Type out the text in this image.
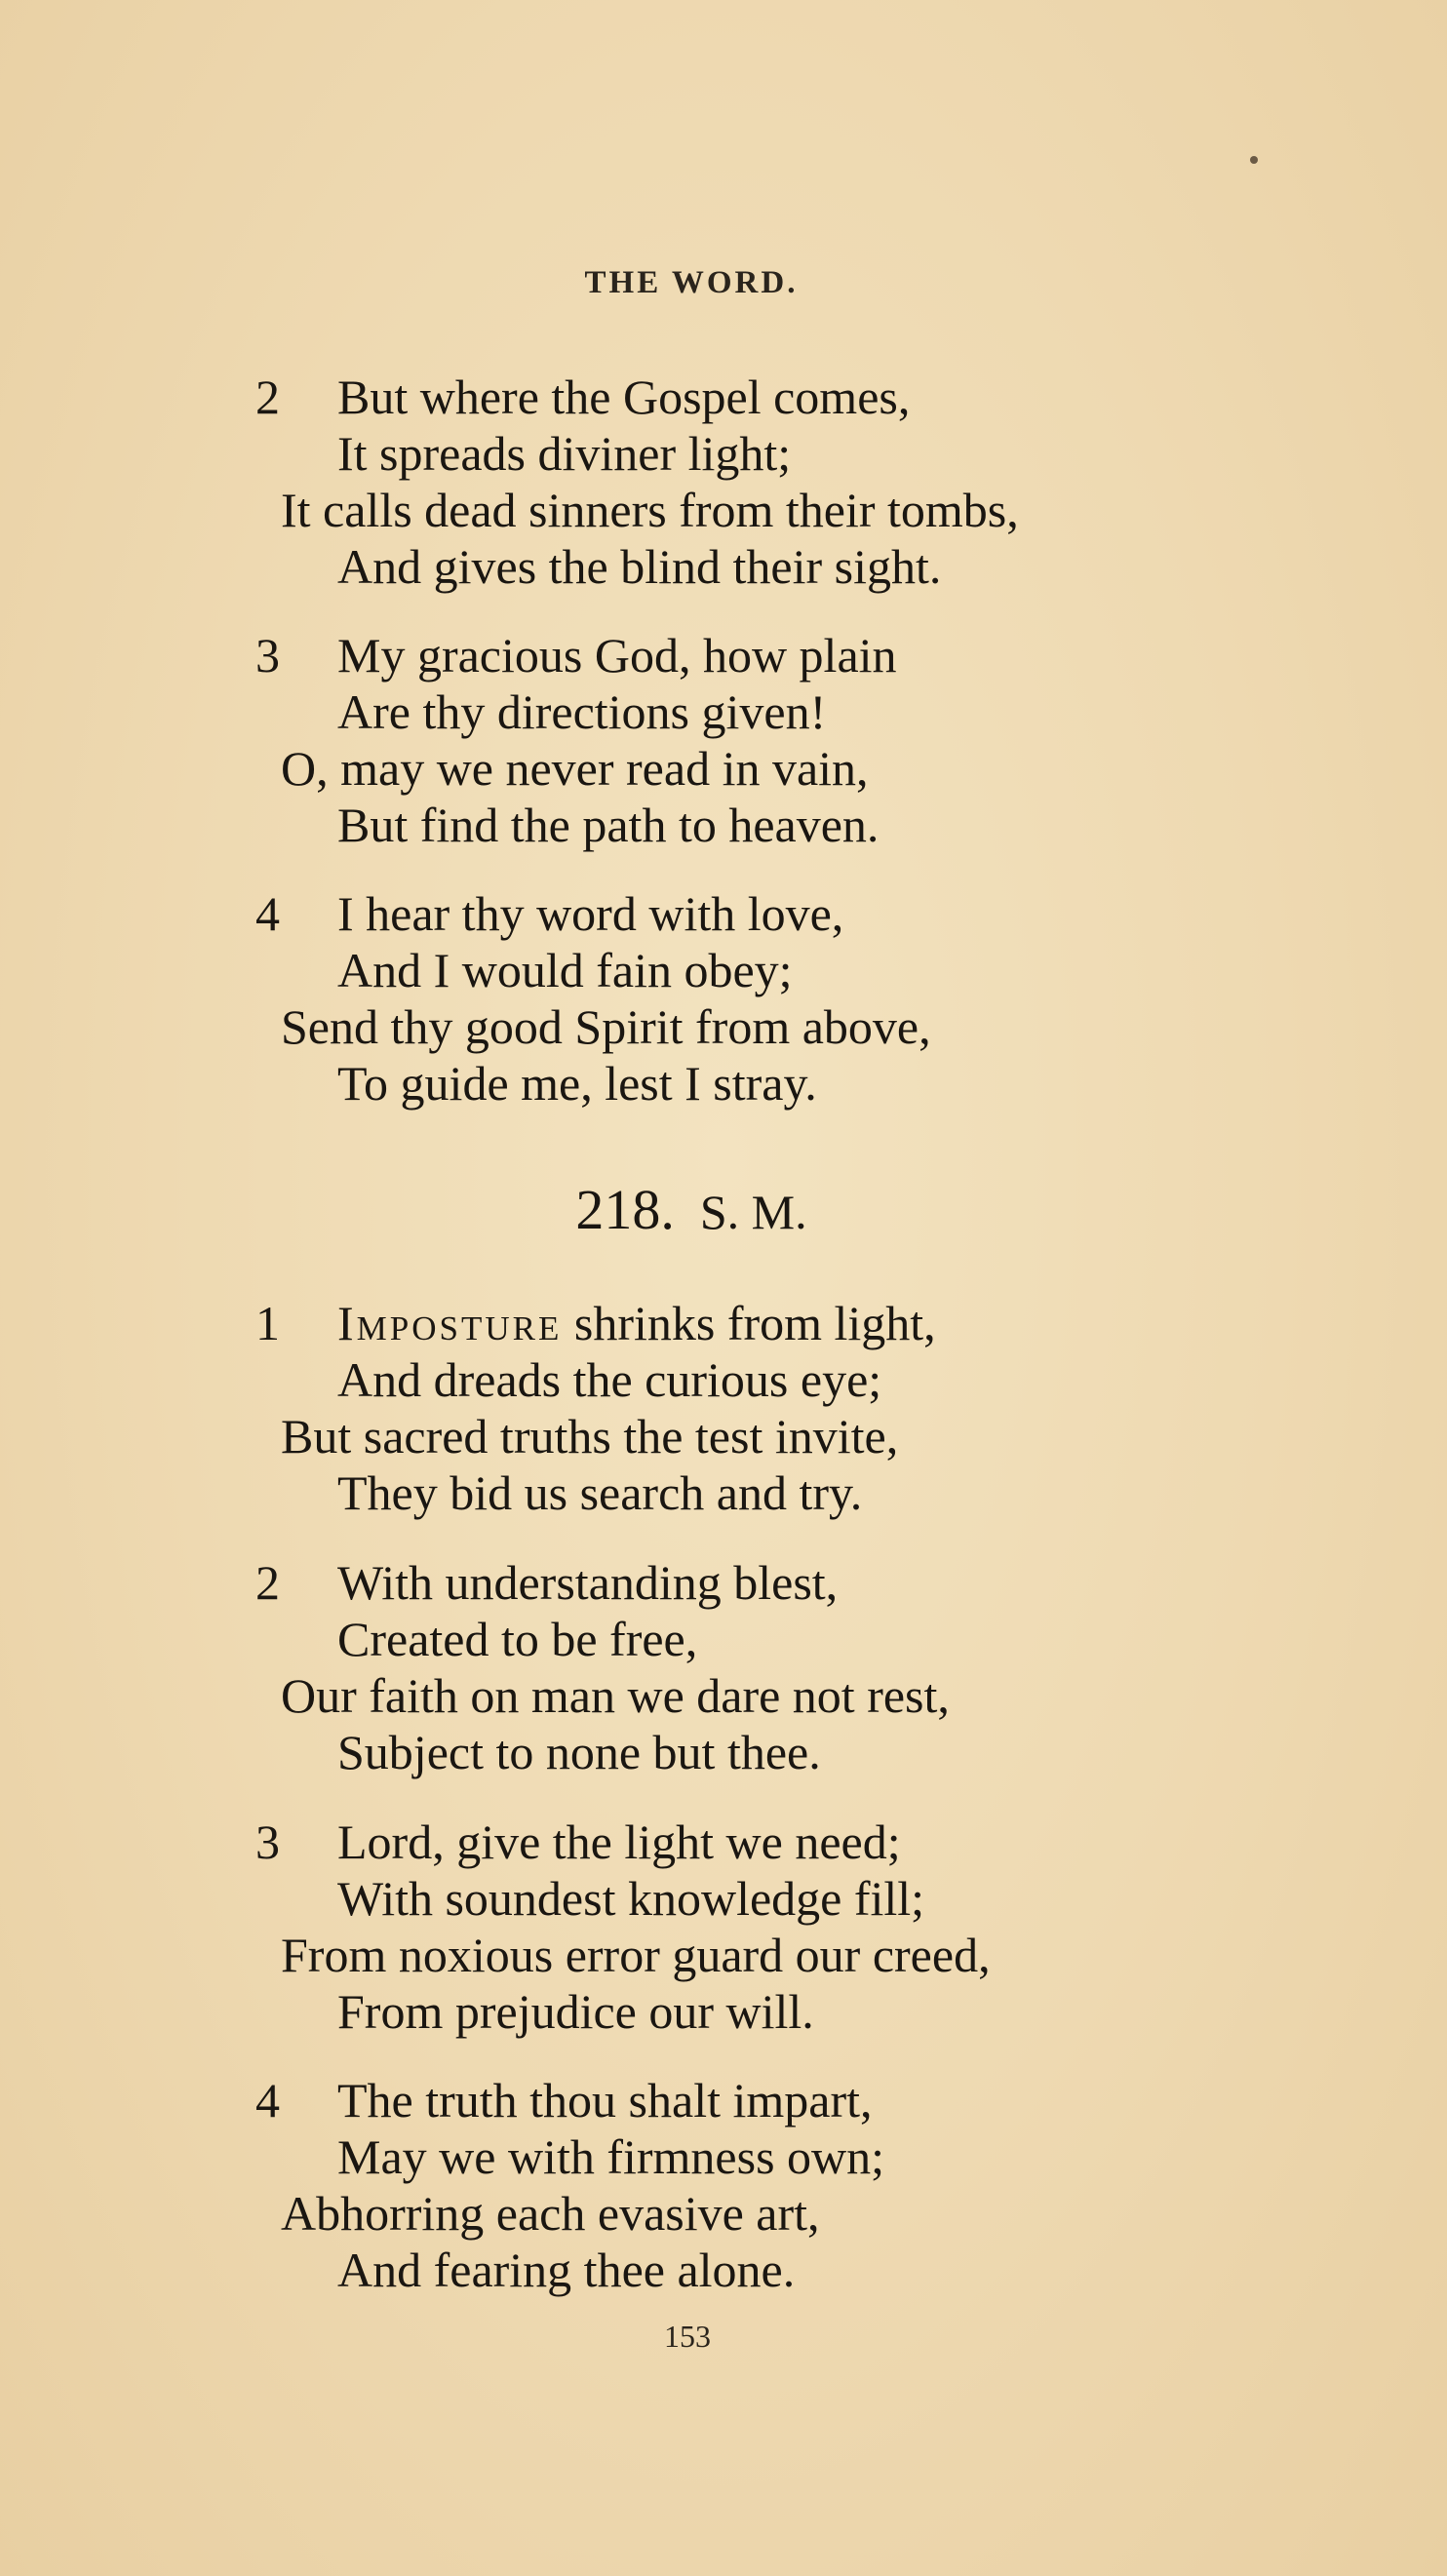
THE WORD.
2 But where the Gospel comes,
It spreads diviner light;
It calls dead sinners from their tombs,
And gives the blind their sight.
3 My gracious God, how plain
Are thy directions given!
O, may we never read in vain,
But find the path to heaven.
4 I hear thy word with love,
And I would fain obey;
Send thy good Spirit from above,
To guide me, lest I stray.
218. S. M.
1 Imposture shrinks from light,
And dreads the curious eye;
But sacred truths the test invite,
They bid us search and try.
2 With understanding blest,
Created to be free,
Our faith on man we dare not rest,
Subject to none but thee.
3 Lord, give the light we need;
With soundest knowledge fill;
From noxious error guard our creed,
From prejudice our will.
4 The truth thou shalt impart,
May we with firmness own;
Abhorring each evasive art,
And fearing thee alone.
153
